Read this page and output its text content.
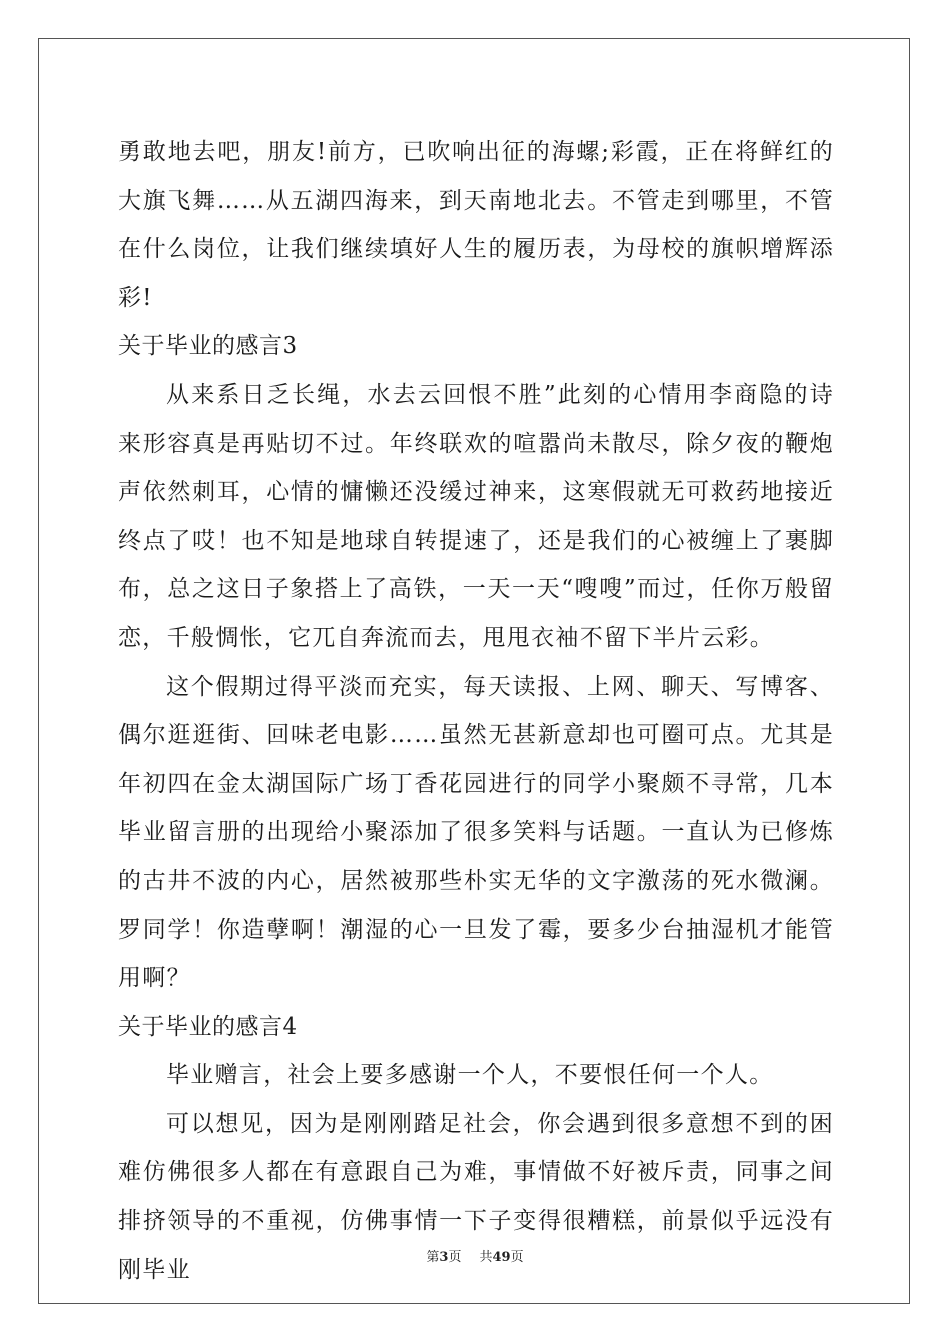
勇敢地去吧，朋友!前方，已吹响出征的海螺;彩霞，正在将鲜红的大旗飞舞……从五湖四海来，到天南地北去。不管走到哪里，不管在什么岗位，让我们继续填好人生的履历表，为母校的旗帜增辉添彩!

关于毕业的感言3

从来系日乏长绳，水去云回恨不胜”此刻的心情用李商隐的诗来形容真是再贴切不过。年终联欢的喧嚣尚未散尽，除夕夜的鞭炮声依然刺耳，心情的慵懒还没缓过神来，这寒假就无可救药地接近终点了哎！也不知是地球自转提速了，还是我们的心被缠上了裹脚布，总之这日子象搭上了高铁，一天一天“嗖嗖”而过，任你万般留恋，千般惆怅，它兀自奔流而去，甩甩衣袖不留下半片云彩。

这个假期过得平淡而充实，每天读报、上网、聊天、写博客、偶尔逛逛街、回味老电影……虽然无甚新意却也可圈可点。尤其是年初四在金太湖国际广场丁香花园进行的同学小聚颇不寻常，几本毕业留言册的出现给小聚添加了很多笑料与话题。一直认为已修炼的古井不波的内心，居然被那些朴实无华的文字激荡的死水微澜。罗同学！你造孽啊！潮湿的心一旦发了霉，要多少台抽湿机才能管用啊？

关于毕业的感言4

毕业赠言，社会上要多感谢一个人，不要恨任何一个人。

可以想见，因为是刚刚踏足社会，你会遇到很多意想不到的困难仿佛很多人都在有意跟自己为难，事情做不好被斥责，同事之间排挤领导的不重视，仿佛事情一下子变得很糟糕，前景似乎远没有刚毕业	第3页 共49页
